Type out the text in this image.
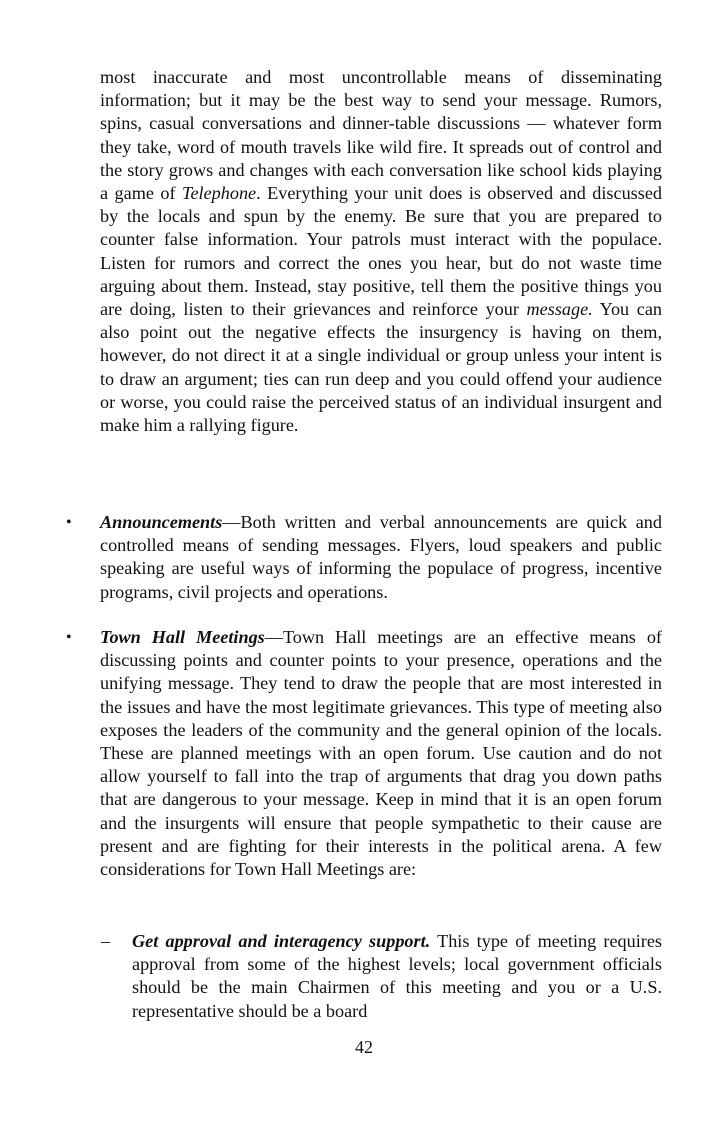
most inaccurate and most uncontrollable means of disseminating information; but it may be the best way to send your message. Rumors, spins, casual conversations and dinner-table discussions — whatever form they take, word of mouth travels like wild fire. It spreads out of control and the story grows and changes with each conversation like school kids playing a game of Telephone. Everything your unit does is observed and discussed by the locals and spun by the enemy. Be sure that you are prepared to counter false information. Your patrols must interact with the populace. Listen for rumors and correct the ones you hear, but do not waste time arguing about them. Instead, stay positive, tell them the positive things you are doing, listen to their grievances and reinforce your message. You can also point out the negative effects the insurgency is having on them, however, do not direct it at a single individual or group unless your intent is to draw an argument; ties can run deep and you could offend your audience or worse, you could raise the perceived status of an individual insurgent and make him a rallying figure.

• Announcements—Both written and verbal announcements are quick and controlled means of sending messages. Flyers, loud speakers and public speaking are useful ways of informing the populace of progress, incentive programs, civil projects and operations.

• Town Hall Meetings—Town Hall meetings are an effective means of discussing points and counter points to your presence, operations and the unifying message. They tend to draw the people that are most interested in the issues and have the most legitimate grievances. This type of meeting also exposes the leaders of the community and the general opinion of the locals. These are planned meetings with an open forum. Use caution and do not allow yourself to fall into the trap of arguments that drag you down paths that are dangerous to your message. Keep in mind that it is an open forum and the insurgents will ensure that people sympathetic to their cause are present and are fighting for their interests in the political arena. A few considerations for Town Hall Meetings are:

– Get approval and interagency support. This type of meeting requires approval from some of the highest levels; local government officials should be the main Chairmen of this meeting and you or a U.S. representative should be a board

42
